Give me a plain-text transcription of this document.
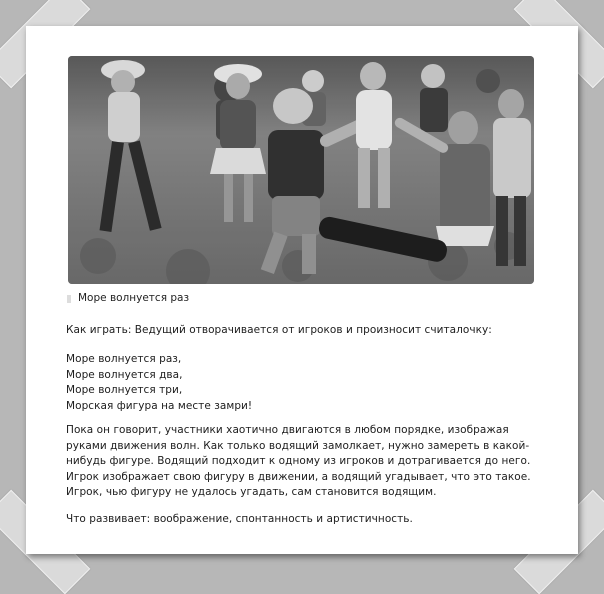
Море волнуется раз
Как играть: Ведущий отворачивается от игроков и произносит считалочку:
Море волнуется раз,
Море волнуется два,
Море волнуется три,
Морская фигура на месте замри!
Пока он говорит, участники хаотично двигаются в любом порядке, изображая руками движения волн. Как только водящий замолкает, нужно замереть в какой-нибудь фигуре. Водящий подходит к одному из игроков и дотрагивается до него. Игрок изображает свою фигуру в движении, а водящий угадывает, что это такое. Игрок, чью фигуру не удалось угадать, сам становится водящим.
Что развивает: воображение, спонтанность и артистичность.
